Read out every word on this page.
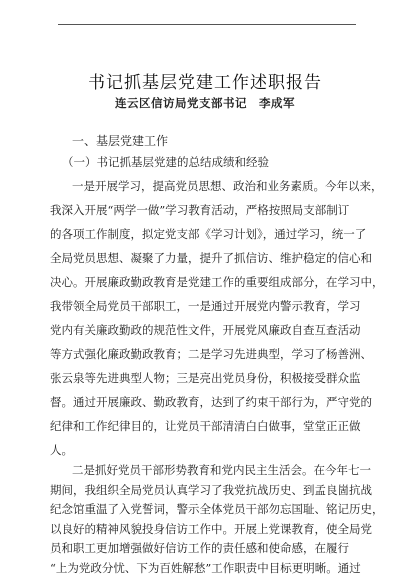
书记抓基层党建工作述职报告
连云区信访局党支部书记　李成军
一、基层党建工作
（一）书记抓基层党建的总结成绩和经验
一是开展学习，提高党员思想、政治和业务素质。今年以来，
我深入开展“两学一做”学习教育活动，严格按照局支部制订
的各项工作制度，拟定党支部《学习计划》，通过学习，统一了
全局党员思想、凝聚了力量，提升了抓信访、维护稳定的信心和
决心。开展廉政勤政教育是党建工作的重要组成部分，在学习中，
我带领全局党员干部职工，一是通过开展党内警示教育，学习
党内有关廉政勤政的规范性文件，开展党风廉政自查互查活动
等方式强化廉政勤政教育；二是学习先进典型，学习了杨善洲、
张云泉等先进典型人物；三是亮出党员身份，积极接受群众监
督。通过开展廉政、勤政教育，达到了约束干部行为，严守党的
纪律和工作纪律目的，让党员干部清清白白做事，堂堂正正做
人。
二是抓好党员干部形势教育和党内民主生活会。在今年七一
期间，我组织全局党员认真学习了我党抗战历史、到孟良崮抗战
纪念馆重温了入党誓词，警示全体党员干部勿忘国耻、铭记历史，
以良好的精神风貌投身信访工作中。开展上党课教育，使全局党
员和职工更加增强做好信访工作的责任感和使命感，在履行
“上为党政分忧、下为百姓解愁”工作职责中目标更明晰。通过
